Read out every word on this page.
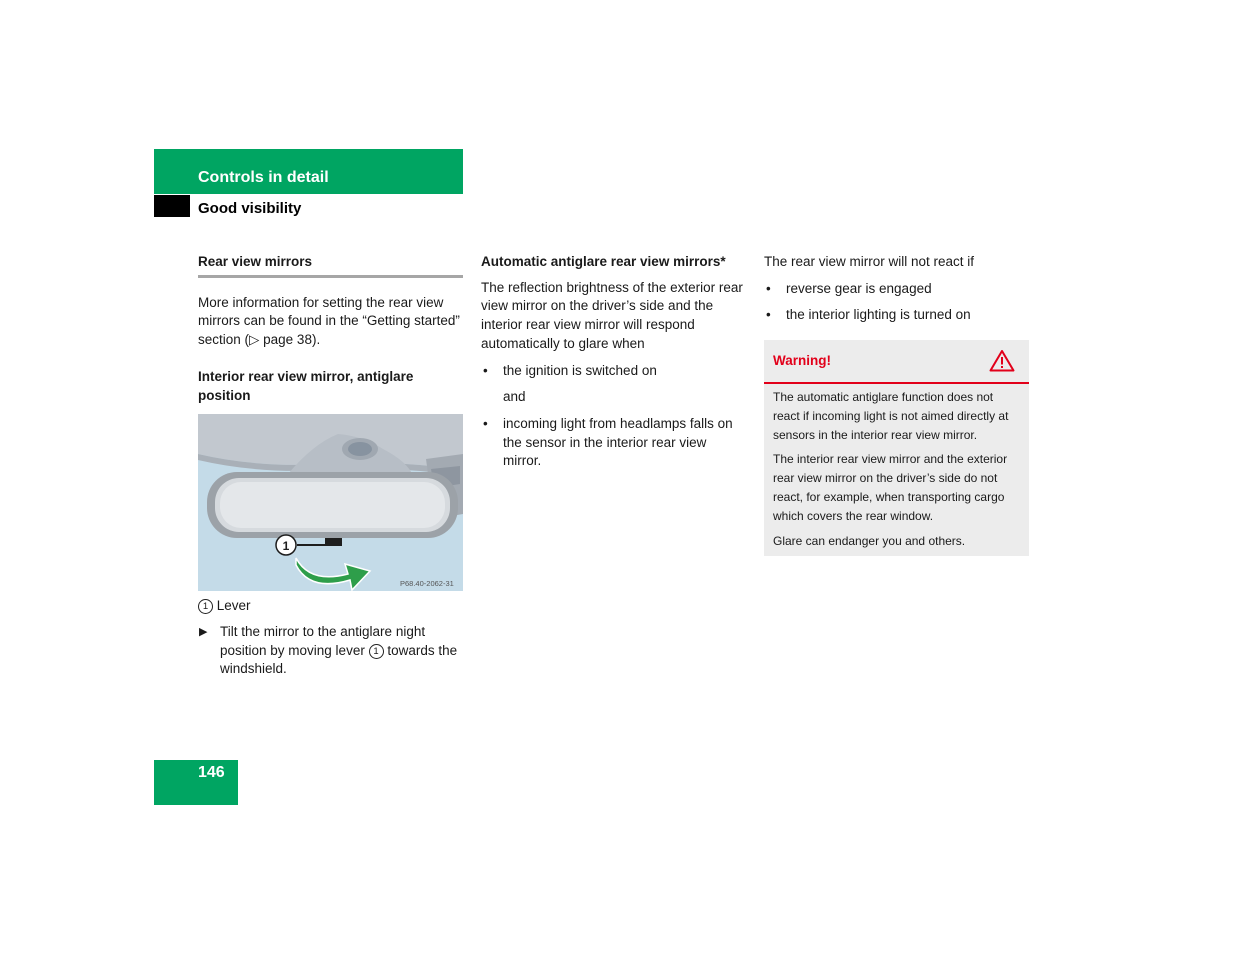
Controls in detail
Good visibility
Rear view mirrors

More information for setting the rear view mirrors can be found in the “Getting started” section (▷ page 38).

Interior rear view mirror, antiglare position
1
P68.40-2062-31

1 Lever

▶ Tilt the mirror to the antiglare night position by moving lever 1 towards the windshield.
Automatic antiglare rear view mirrors*

The reflection brightness of the exterior rear view mirror on the driver’s side and the interior rear view mirror will respond automatically to glare when

• the ignition is switched on

and

• incoming light from headlamps falls on the sensor in the interior rear view mirror.

The rear view mirror will not react if

• reverse gear is engaged
• the interior lighting is turned on
Warning!

The automatic antiglare function does not react if incoming light is not aimed directly at sensors in the interior rear view mirror.

The interior rear view mirror and the exterior rear view mirror on the driver’s side do not react, for example, when transporting cargo which covers the rear window.

Glare can endanger you and others.

146
